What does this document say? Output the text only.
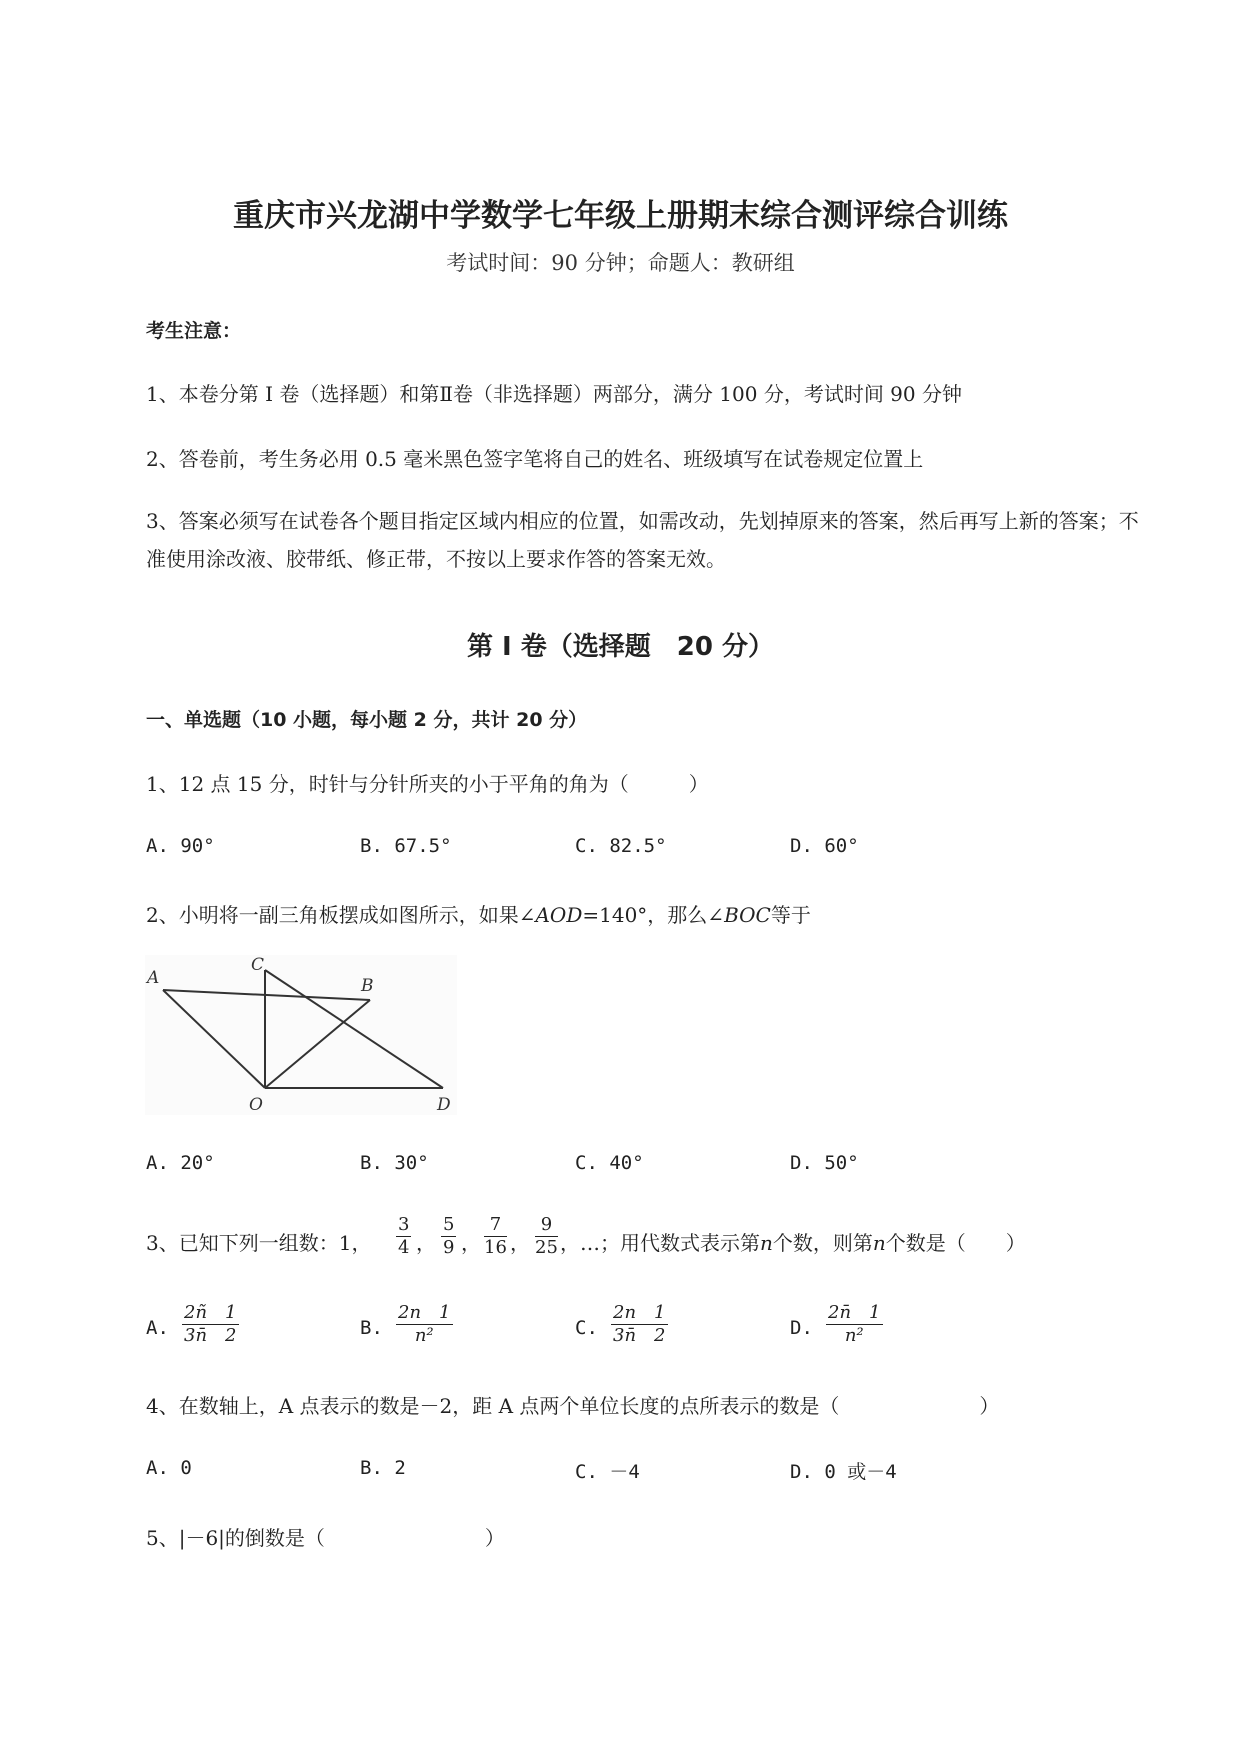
重庆市兴龙湖中学数学七年级上册期末综合测评综合训练
考试时间：90 分钟；命题人：教研组
考生注意：
1、本卷分第 I 卷（选择题）和第Ⅱ卷（非选择题）两部分，满分 100 分，考试时间 90 分钟
2、答卷前，考生务必用 0.5 毫米黑色签字笔将自己的姓名、班级填写在试卷规定位置上
3、答案必须写在试卷各个题目指定区域内相应的位置，如需改动，先划掉原来的答案，然后再写上新的答案；不准使用涂改液、胶带纸、修正带，不按以上要求作答的答案无效。
第 I 卷（选择题　20 分）
一、单选题（10 小题，每小题 2 分，共计 20 分）
1、12 点 15 分，时针与分针所夹的小于平角的角为（　　　）
A. 90°	B. 67.5°	C. 82.5°	D. 60°
2、小明将一副三角板摆成如图所示，如果∠AOD=140°，那么∠BOC等于
A
C
B
O	D
A. 20°	B. 30°	C. 40°	D. 50°
3、已知下列一组数：1， $\frac{3}{4}$ ， $\frac{5}{9}$ ， $\frac{7}{16}$ ， $\frac{9}{25}$ ，…；用代数式表示第n个数，则第n个数是（　　）
A. $\frac{2ñ 1}{3n̄ 2}$	B. $\frac{2n 1}{\text{n²}}$	C. $\frac{2n 1}{3n̄ 2}$	D. $\frac{2n̄ 1}{\text{n²}}$
4、在数轴上，A 点表示的数是－2，距 A 点两个单位长度的点所表示的数是（　　　　　　　）
A. 0	B. 2	C. －4	D. 0 或－4
5、|－6|的倒数是（　　　　　　　　）
